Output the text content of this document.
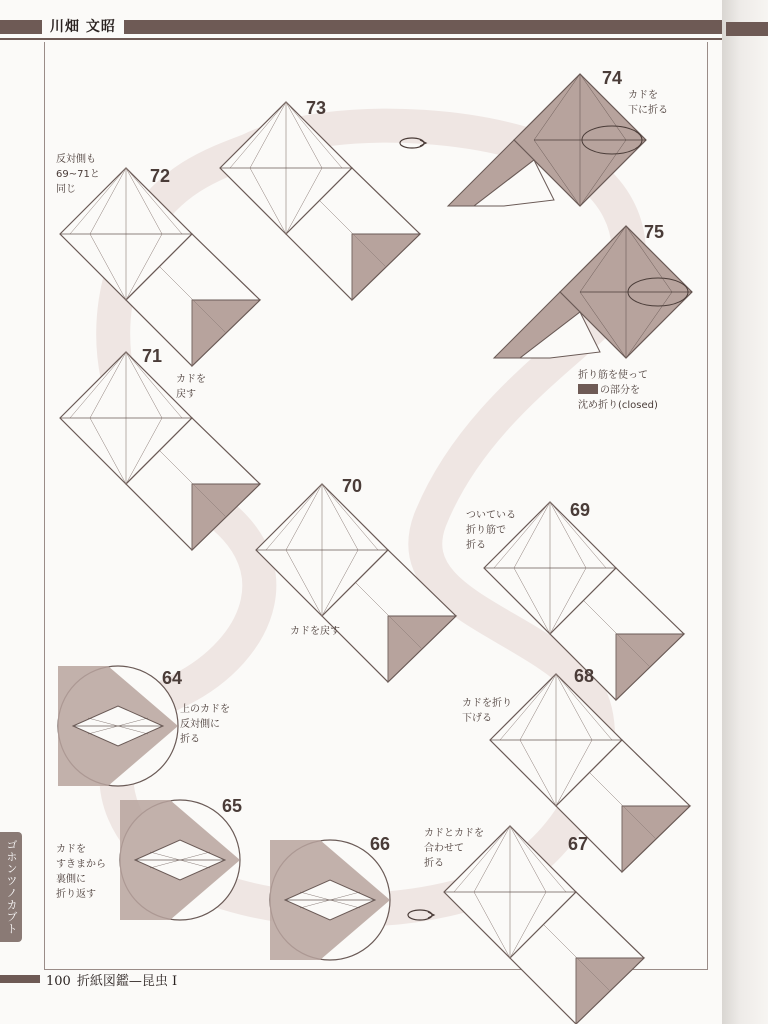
川畑 文昭
ゴホンツノカブト
100 折紙図鑑—昆虫 Ⅰ
64
65
66	67
68
69
70
71
72
73
74
75
上のカドを
反対側に
折る
カドを
すきまから
裏側に
折り返す
カドとカドを
合わせて
折る
カドを折り
下げる
ついている
折り筋で
折る
カドを戻す
カドを
戻す
反対側も
69~71と
同じ
カドを
下に折る
折り筋を使って
の部分を
沈め折り(closed)
